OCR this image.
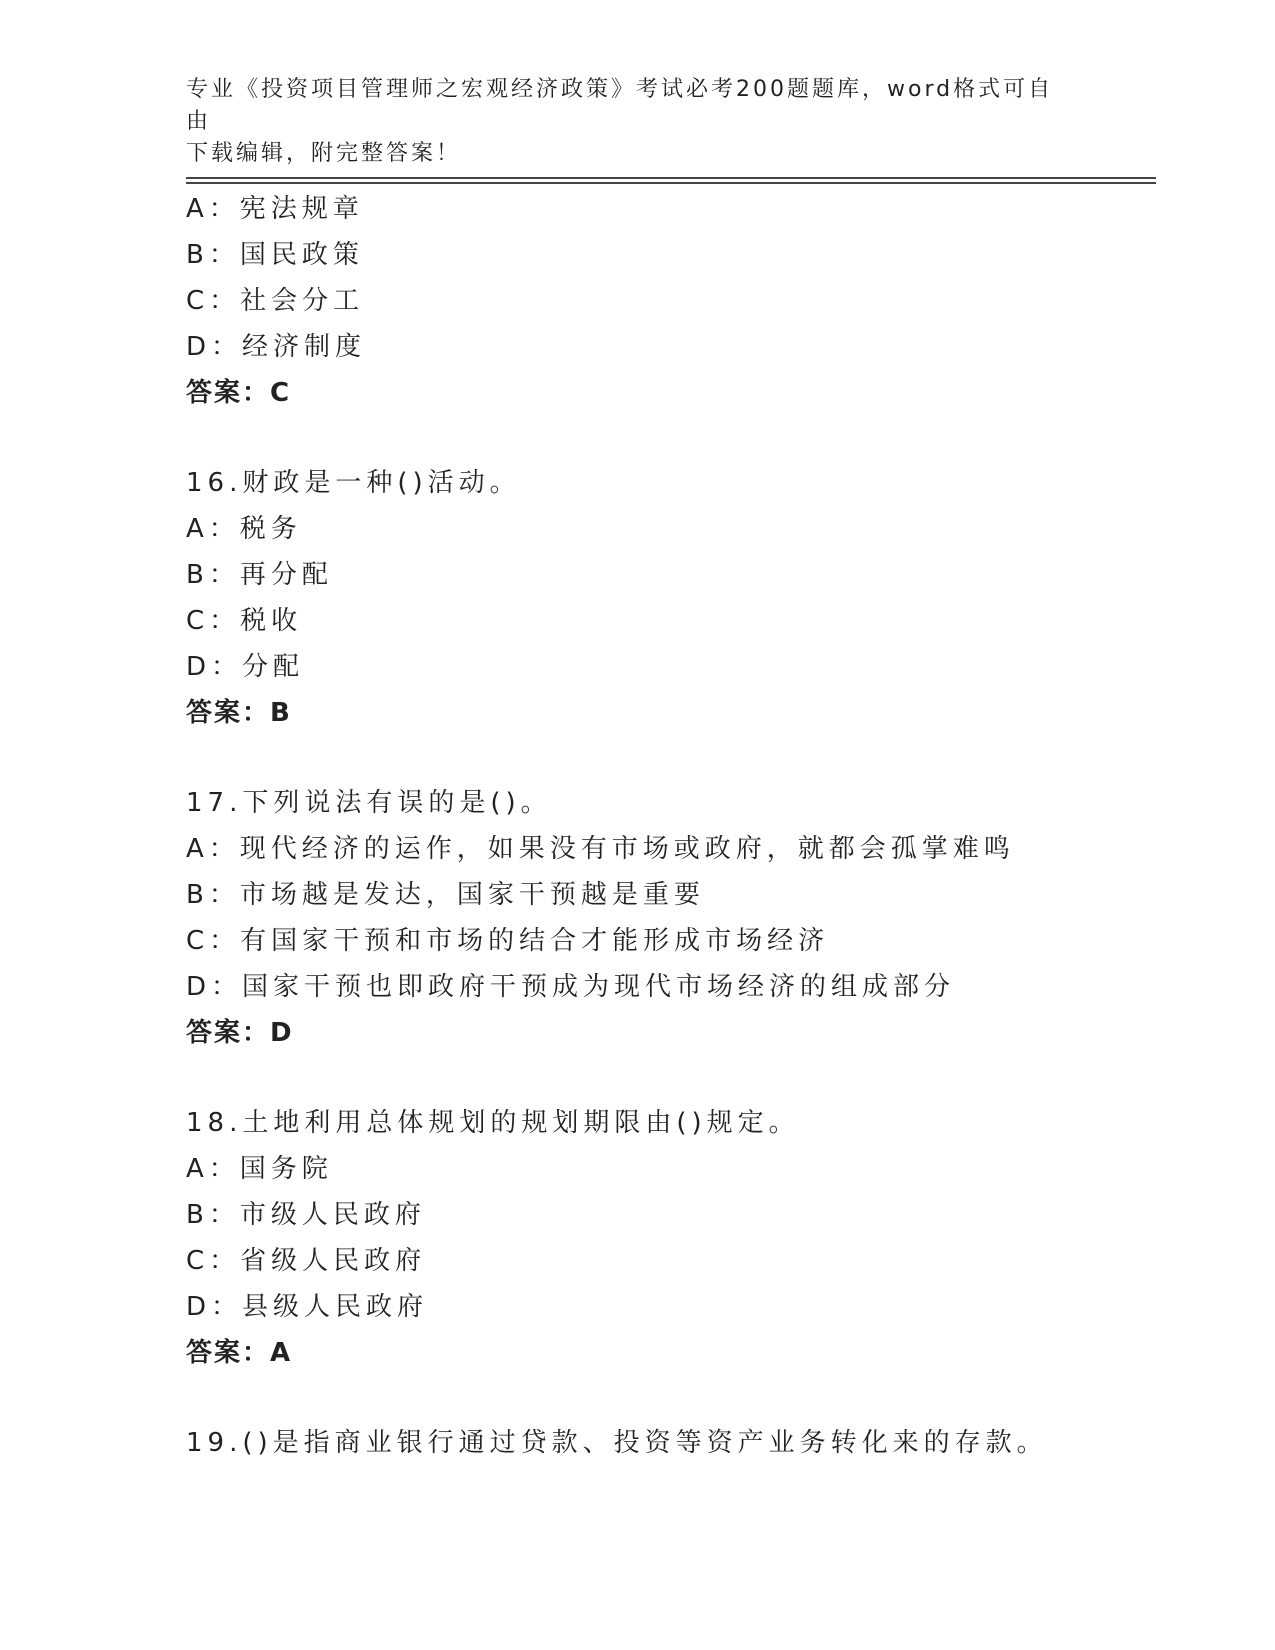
专业《投资项目管理师之宏观经济政策》考试必考200题题库，word格式可自由
下载编辑，附完整答案！
A：宪法规章
B：国民政策
C：社会分工
D：经济制度
答案：C
16.财政是一种()活动。
A：税务
B：再分配
C：税收
D：分配
答案：B
17.下列说法有误的是()。
A：现代经济的运作，如果没有市场或政府，就都会孤掌难鸣
B：市场越是发达，国家干预越是重要
C：有国家干预和市场的结合才能形成市场经济
D：国家干预也即政府干预成为现代市场经济的组成部分
答案：D
18.土地利用总体规划的规划期限由()规定。
A：国务院
B：市级人民政府
C：省级人民政府
D：县级人民政府
答案：A
19.()是指商业银行通过贷款、投资等资产业务转化来的存款。
